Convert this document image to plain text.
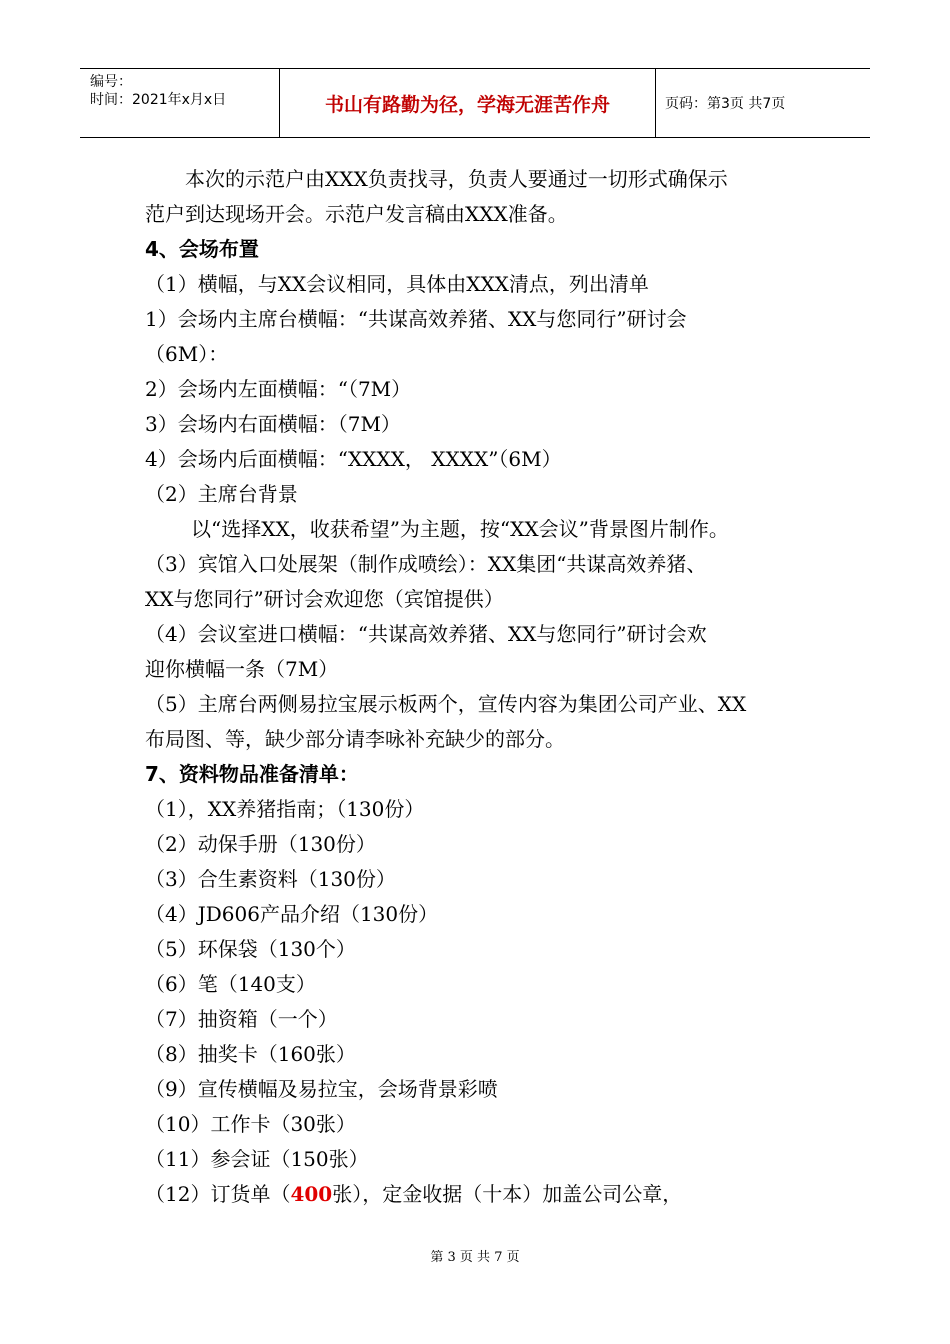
编号：
时间：2021年x月x日	书山有路勤为径，学海无涯苦作舟	页码：第3页 共7页
本次的示范户由XXX负责找寻，负责人要通过一切形式确保示
范户到达现场开会。示范户发言稿由XXX准备。
4、会场布置
（1）横幅，与XX会议相同，具体由XXX清点，列出清单
1）会场内主席台横幅：“共谋高效养猪、XX与您同行”研讨会
（6M）：
2）会场内左面横幅：“（7M）
3）会场内右面横幅：（7M）
4）会场内后面横幅：“XXXX， XXXX”（6M）
（2）主席台背景
以“选择XX，收获希望”为主题，按“XX会议”背景图片制作。
（3）宾馆入口处展架（制作成喷绘）：XX集团“共谋高效养猪、
XX与您同行”研讨会欢迎您（宾馆提供）
（4）会议室进口横幅：“共谋高效养猪、XX与您同行”研讨会欢
迎你横幅一条（7M）
（5）主席台两侧易拉宝展示板两个，宣传内容为集团公司产业、XX
布局图、等，缺少部分请李咏补充缺少的部分。
7、资料物品准备清单：
（1），XX养猪指南；（130份）
（2）动保手册（130份）
（3）合生素资料（130份）
（4）JD606产品介绍（130份）
（5）环保袋（130个）
（6）笔（140支）
（7）抽资箱（一个）
（8）抽奖卡（160张）
（9）宣传横幅及易拉宝，会场背景彩喷
（10）工作卡（30张）
（11）参会证（150张）
（12）订货单（400张），定金收据（十本）加盖公司公章，
第 3 页 共 7 页
